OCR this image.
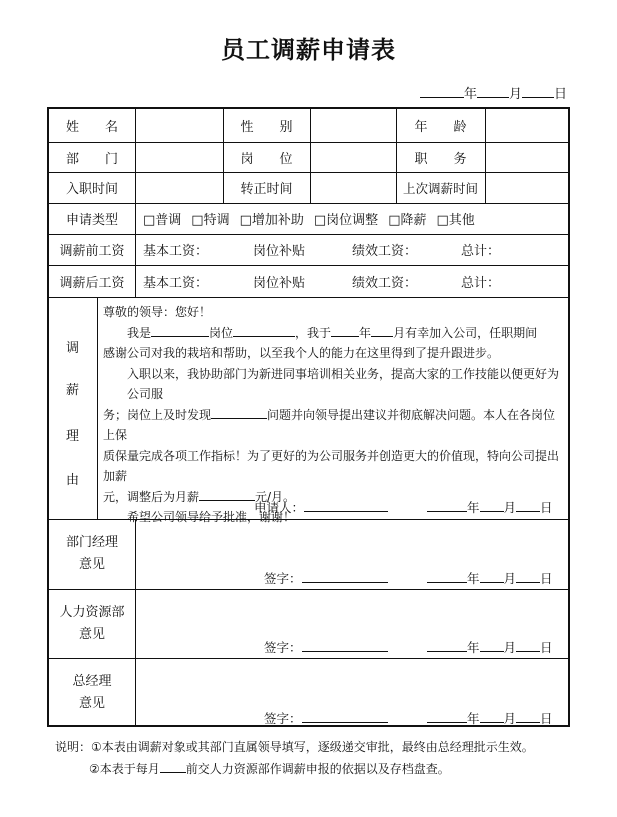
员工调薪申请表
年 月 日
姓　　名	性　　别	年　　龄
部　　门	岗　　位	职　　务
入职时间	转正时间	上次调薪时间
申请类型	□普调 □特调 □增加补助 □岗位调整 □降薪 □其他
调薪前工资	基本工资：	岗位补贴	绩效工资：	总计：
调薪后工资	基本工资：	岗位补贴	绩效工资：	总计：
调
薪
理
由
尊敬的领导：您好！
我是	岗位	，我于 年 月有幸加入公司，任职期间
感谢公司对我的栽培和帮助，以至我个人的能力在这里得到了提升跟进步。
入职以来，我协助部门为新进同事培训相关业务，提高大家的工作技能以便更好为公司服
务；岗位上及时发现	问题并向领导提出建议并彻底解决问题。本人在各岗位上保
质保量完成各项工作指标！为了更好的为公司服务并创造更大的价值现，特向公司提出加薪
元，调整后为月薪	元/月。
希望公司领导给予批准，谢谢！
申请人：	年 月 日
部门经理
意见
签字：	年 月 日
人力资源部
意见
签字：	年 月 日
总经理
意见
签字：	年 月 日
说明：①本表由调薪对象或其部门直属领导填写，逐级递交审批，最终由总经理批示生效。
②本表于每月 前交人力资源部作调薪申报的依据以及存档盘查。
